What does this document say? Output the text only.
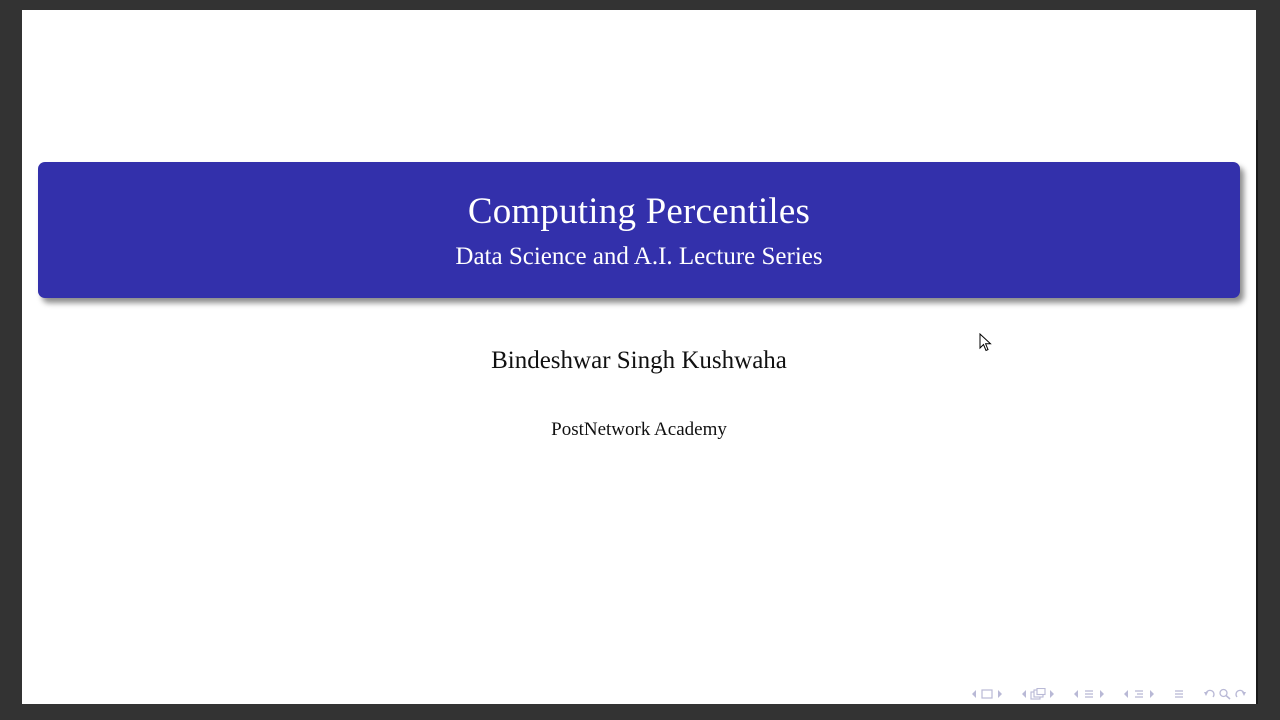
Computing Percentiles
Data Science and A.I. Lecture Series
Bindeshwar Singh Kushwaha
PostNetwork Academy
